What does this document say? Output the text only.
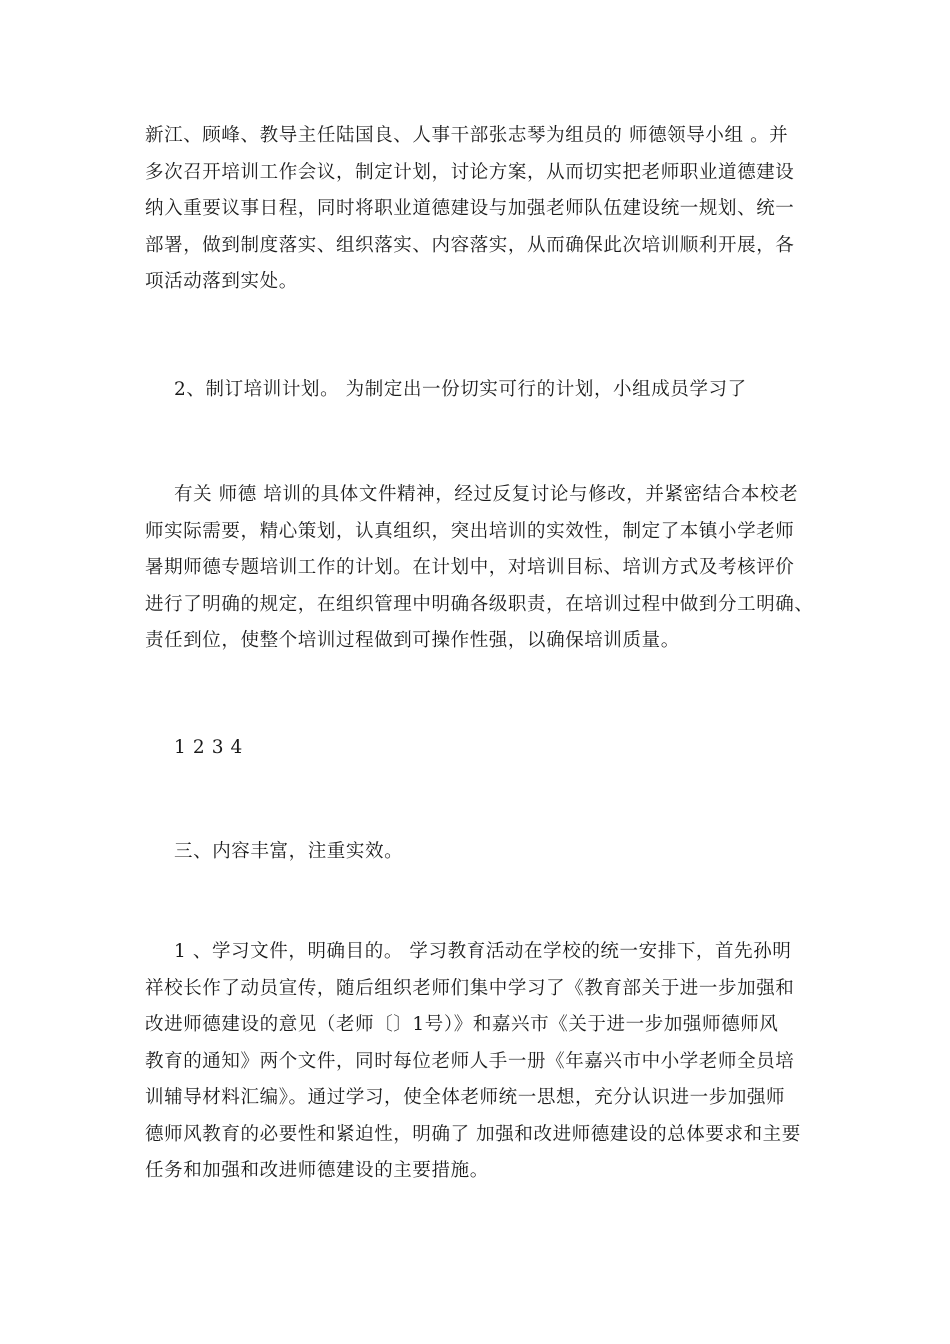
新江、顾峰、教导主任陆国良、人事干部张志琴为组员的 师德领导小组 。并
多次召开培训工作会议，制定计划，讨论方案，从而切实把老师职业道德建设
纳入重要议事日程，同时将职业道德建设与加强老师队伍建设统一规划、统一
部署，做到制度落实、组织落实、内容落实，从而确保此次培训顺利开展，各
项活动落到实处。
2、制订培训计划。 为制定出一份切实可行的计划，小组成员学习了
有关 师德 培训的具体文件精神，经过反复讨论与修改，并紧密结合本校老
师实际需要，精心策划，认真组织，突出培训的实效性，制定了本镇小学老师
暑期师德专题培训工作的计划。在计划中，对培训目标、培训方式及考核评价
进行了明确的规定，在组织管理中明确各级职责，在培训过程中做到分工明确、
责任到位，使整个培训过程做到可操作性强，以确保培训质量。
1 2 3 4
三、内容丰富，注重实效。
1 、学习文件，明确目的。 学习教育活动在学校的统一安排下，首先孙明
祥校长作了动员宣传，随后组织老师们集中学习了《教育部关于进一步加强和
改进师德建设的意见（老师〔〕1号）》和嘉兴市《关于进一步加强师德师风
教育的通知》两个文件，同时每位老师人手一册《年嘉兴市中小学老师全员培
训辅导材料汇编》。通过学习，使全体老师统一思想，充分认识进一步加强师
德师风教育的必要性和紧迫性，明确了 加强和改进师德建设的总体要求和主要
任务和加强和改进师德建设的主要措施。
